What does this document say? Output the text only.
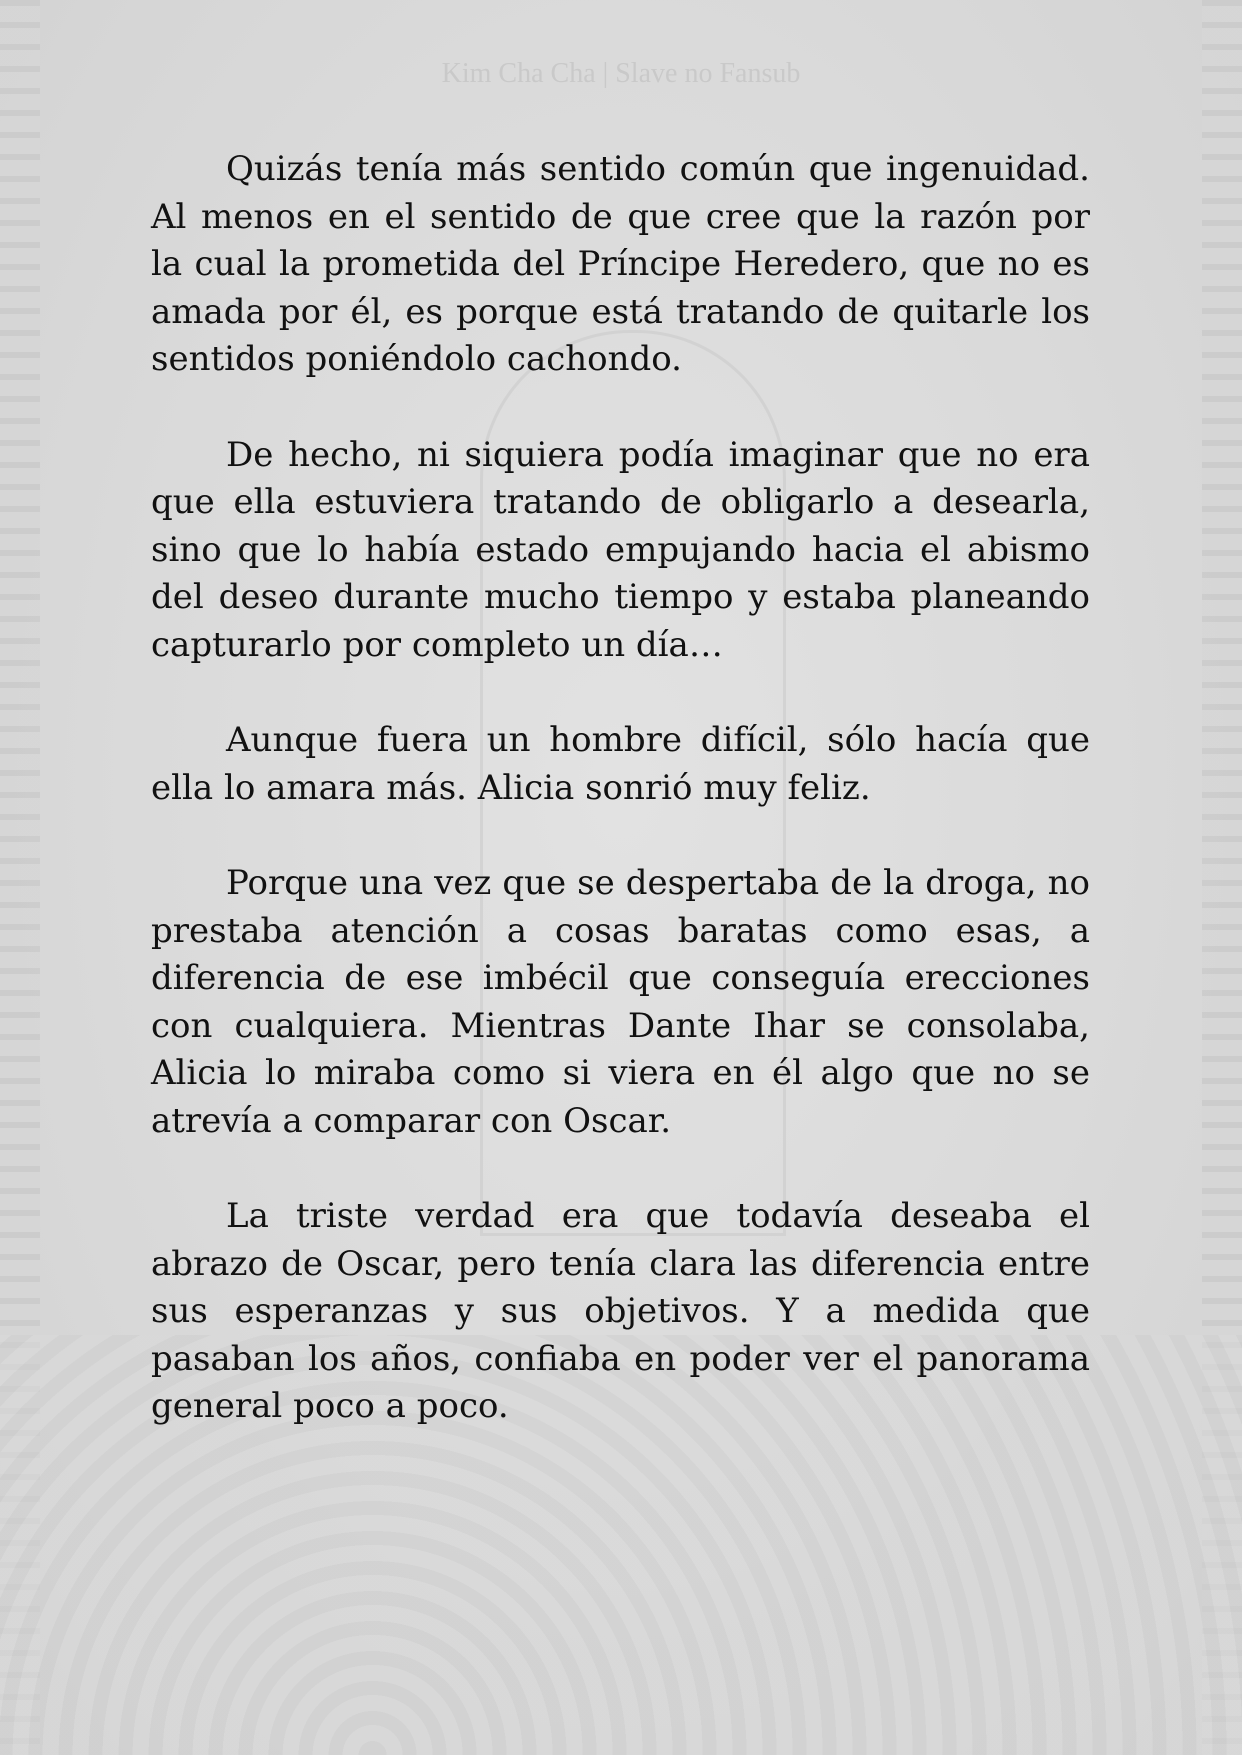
Kim Cha Cha | Slave no Fansub

Quizás tenía más sentido común que ingenuidad. Al menos en el sentido de que cree que la razón por la cual la prometida del Príncipe Heredero, que no es amada por él, es porque está tratando de quitarle los sentidos poniéndolo cachondo.

De hecho, ni siquiera podía imaginar que no era que ella estuviera tratando de obligarlo a desearla, sino que lo había estado empujando hacia el abismo del deseo durante mucho tiempo y estaba planeando capturarlo por completo un día…

Aunque fuera un hombre difícil, sólo hacía que ella lo amara más. Alicia sonrió muy feliz.

Porque una vez que se despertaba de la droga, no prestaba atención a cosas baratas como esas, a diferencia de ese imbécil que conseguía erecciones con cualquiera. Mientras Dante Ihar se consolaba, Alicia lo miraba como si viera en él algo que no se atrevía a comparar con Oscar.

La triste verdad era que todavía deseaba el abrazo de Oscar, pero tenía clara las diferencia entre sus esperanzas y sus objetivos. Y a medida que pasaban los años, confiaba en poder ver el panorama general poco a poco.
